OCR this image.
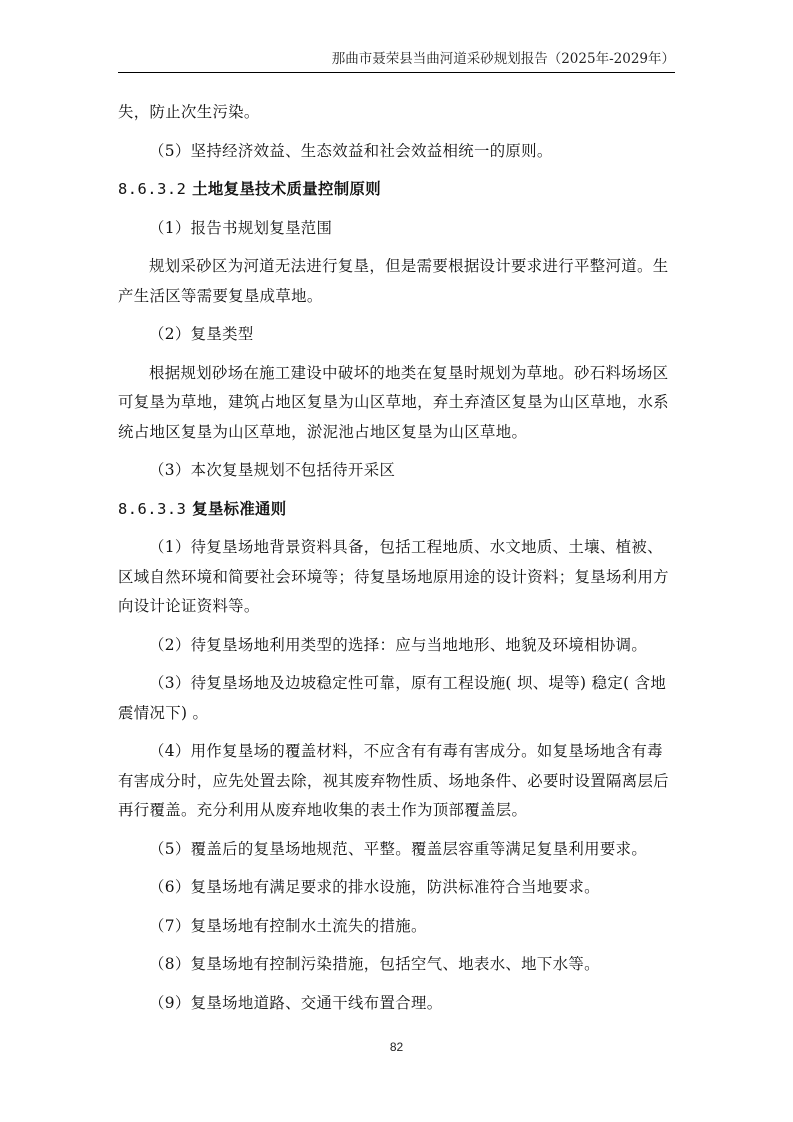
那曲市聂荣县当曲河道采砂规划报告（2025年-2029年）

失，防止次生污染。

（5）坚持经济效益、生态效益和社会效益相统一的原则。

8.6.3.2 土地复垦技术质量控制原则

（1）报告书规划复垦范围

规划采砂区为河道无法进行复垦，但是需要根据设计要求进行平整河道。生产生活区等需要复垦成草地。

（2）复垦类型

根据规划砂场在施工建设中破坏的地类在复垦时规划为草地。砂石料场场区可复垦为草地，建筑占地区复垦为山区草地，弃土弃渣区复垦为山区草地，水系统占地区复垦为山区草地，淤泥池占地区复垦为山区草地。

（3）本次复垦规划不包括待开采区

8.6.3.3 复垦标准通则

（1）待复垦场地背景资料具备，包括工程地质、水文地质、土壤、植被、区域自然环境和简要社会环境等；待复垦场地原用途的设计资料；复垦场利用方向设计论证资料等。

（2）待复垦场地利用类型的选择：应与当地地形、地貌及环境相协调。

（3）待复垦场地及边坡稳定性可靠，原有工程设施( 坝、堤等) 稳定( 含地震情况下) 。

（4）用作复垦场的覆盖材料，不应含有有毒有害成分。如复垦场地含有毒有害成分时，应先处置去除，视其废弃物性质、场地条件、必要时设置隔离层后再行覆盖。充分利用从废弃地收集的表土作为顶部覆盖层。

（5）覆盖后的复垦场地规范、平整。覆盖层容重等满足复垦利用要求。

（6）复垦场地有满足要求的排水设施，防洪标准符合当地要求。

（7）复垦场地有控制水土流失的措施。

（8）复垦场地有控制污染措施，包括空气、地表水、地下水等。

（9）复垦场地道路、交通干线布置合理。

82
